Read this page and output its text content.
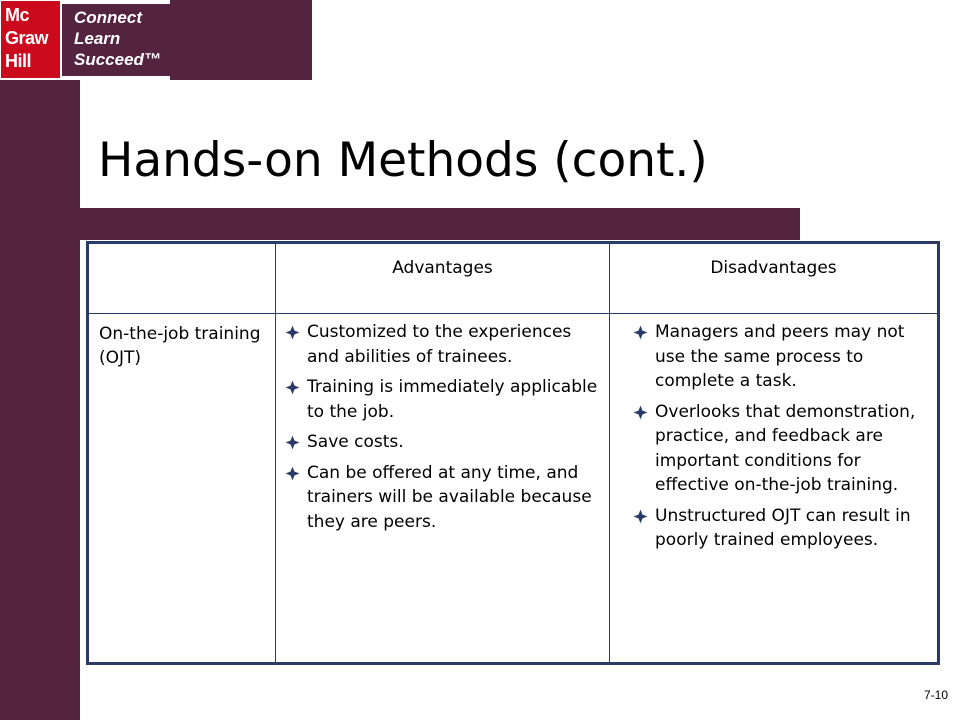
Mc
Graw
Hill
Connect
Learn
Succeed™
Hands-on Methods (cont.)
Advantages	Disadvantages
On-the-job training (OJT)
Customized to the experiences and abilities of trainees.
Training is immediately applicable to the job.
Save costs.
Can be offered at any time, and trainers will be available because they are peers.
Managers and peers may not use the same process to complete a task.
Overlooks that demonstration, practice, and feedback are important conditions for effective on-the-job training.
Unstructured OJT can result in poorly trained employees.
7-10
